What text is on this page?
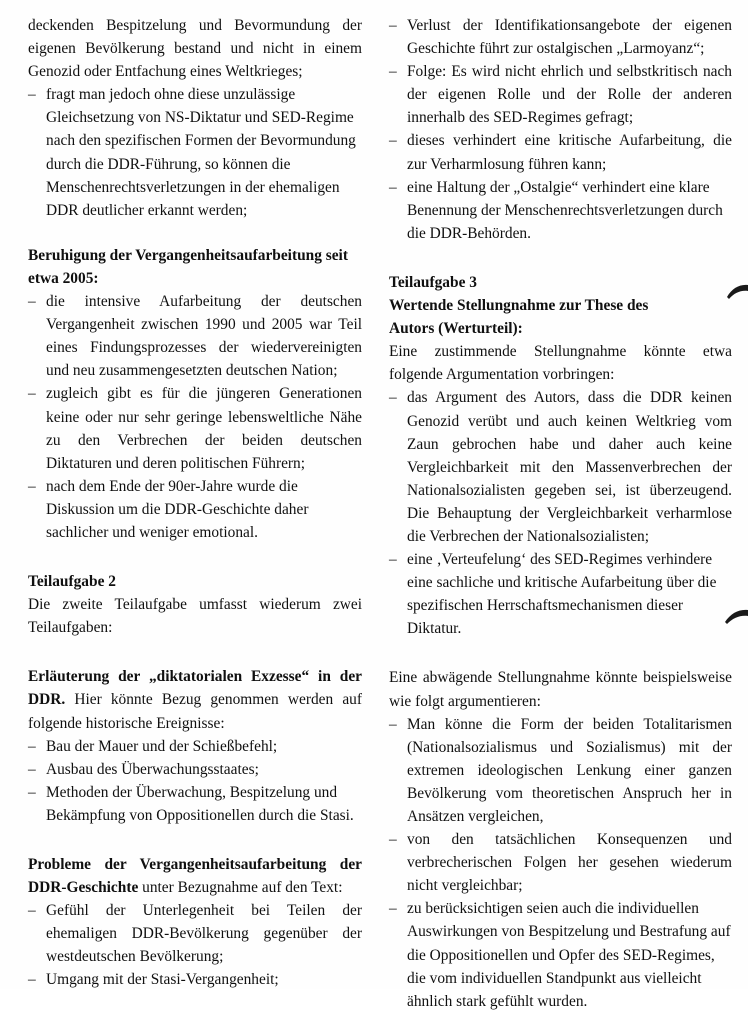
deckenden Bespitzelung und Bevormundung der eigenen Bevölkerung bestand und nicht in einem Genozid oder Entfachung eines Weltkrieges;

– fragt man jedoch ohne diese unzulässige Gleichsetzung von NS-Diktatur und SED-Regime nach den spezifischen Formen der Bevormundung durch die DDR-Führung, so können die Menschenrechtsverletzungen in der ehemaligen DDR deutlicher erkannt werden;

Beruhigung der Vergangenheitsaufarbeitung seit etwa 2005:

– die intensive Aufarbeitung der deutschen Vergangenheit zwischen 1990 und 2005 war Teil eines Findungsprozesses der wiedervereinigten und neu zusammengesetzten deutschen Nation;
– zugleich gibt es für die jüngeren Generationen keine oder nur sehr geringe lebensweltliche Nähe zu den Verbrechen der beiden deutschen Diktaturen und deren politischen Führern;
– nach dem Ende der 90er-Jahre wurde die Diskussion um die DDR-Geschichte daher sachlicher und weniger emotional.

Teilaufgabe 2

Die zweite Teilaufgabe umfasst wiederum zwei Teilaufgaben:

Erläuterung der „diktatorialen Exzesse“ in der DDR. Hier könnte Bezug genommen werden auf folgende historische Ereignisse:

– Bau der Mauer und der Schießbefehl;
– Ausbau des Überwachungsstaates;
– Methoden der Überwachung, Bespitzelung und Bekämpfung von Oppositionellen durch die Stasi.

Probleme der Vergangenheitsaufarbeitung der DDR-Geschichte unter Bezugnahme auf den Text:

– Gefühl der Unterlegenheit bei Teilen der ehemaligen DDR-Bevölkerung gegenüber der westdeutschen Bevölkerung;
– Umgang mit der Stasi-Vergangenheit;
– Verlust der Identifikationsangebote der eigenen Geschichte führt zur ostalgischen „Larmoyanz“;
– Folge: Es wird nicht ehrlich und selbstkritisch nach der eigenen Rolle und der Rolle der anderen innerhalb des SED-Regimes gefragt;
– dieses verhindert eine kritische Aufarbeitung, die zur Verharmlosung führen kann;
– eine Haltung der „Ostalgie“ verhindert eine klare Benennung der Menschenrechtsverletzungen durch die DDR-Behörden.

Teilaufgabe 3

Wertende Stellungnahme zur These des

Autors (Werturteil):

Eine zustimmende Stellungnahme könnte etwa folgende Argumentation vorbringen:

– das Argument des Autors, dass die DDR keinen Genozid verübt und auch keinen Weltkrieg vom Zaun gebrochen habe und daher auch keine Vergleichbarkeit mit den Massenverbrechen der Nationalsozialisten gegeben sei, ist überzeugend. Die Behauptung der Vergleichbarkeit verharmlose die Verbrechen der Nationalsozialisten;
– eine ‚Verteufelung‘ des SED-Regimes verhindere eine sachliche und kritische Aufarbeitung über die spezifischen Herrschaftsmechanismen dieser Diktatur.

Eine abwägende Stellungnahme könnte beispielsweise wie folgt argumentieren:

– Man könne die Form der beiden Totalitarismen (Nationalsozialismus und Sozialismus) mit der extremen ideologischen Lenkung einer ganzen Bevölkerung vom theoretischen Anspruch her in Ansätzen vergleichen,
– von den tatsächlichen Konsequenzen und verbrecherischen Folgen her gesehen wiederum nicht vergleichbar;
– zu berücksichtigen seien auch die individuellen Auswirkungen von Bespitzelung und Bestrafung auf die Oppositionellen und Opfer des SED-Regimes, die vom individuellen Standpunkt aus vielleicht ähnlich stark gefühlt wurden.
